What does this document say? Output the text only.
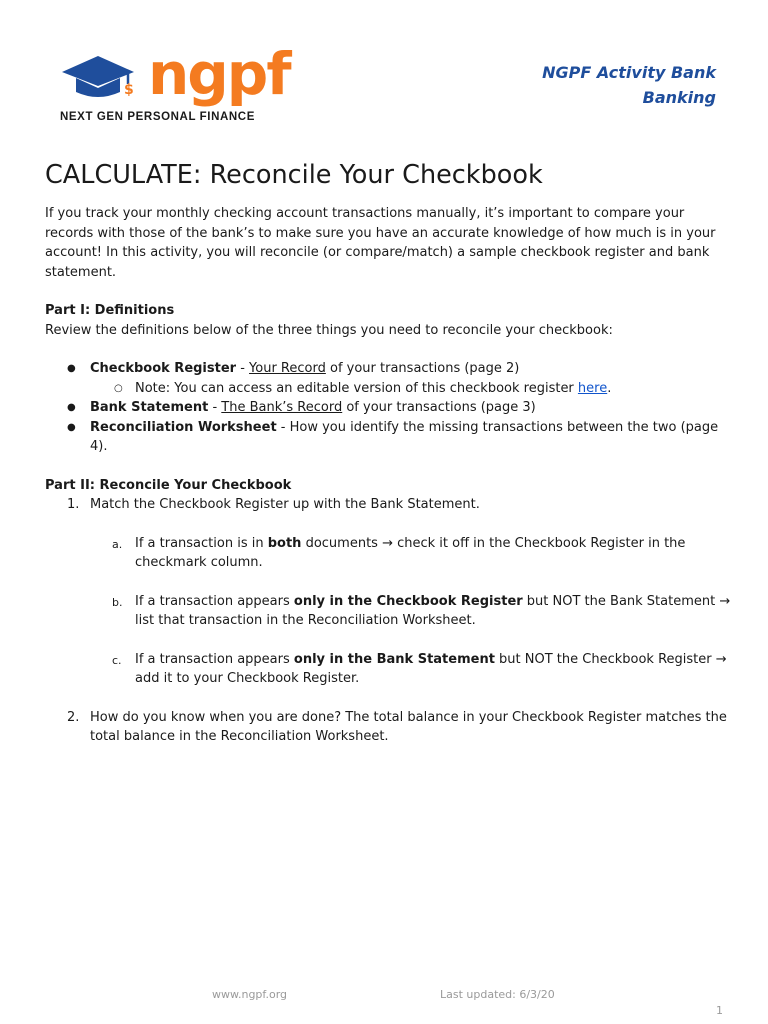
$ ngpf
NEXT GEN PERSONAL FINANCE
NGPF Activity Bank
Banking
CALCULATE: Reconcile Your Checkbook

If you track your monthly checking account transactions manually, it’s important to compare your records with those of the bank’s to make sure you have an accurate knowledge of how much is in your account! In this activity, you will reconcile (or compare/match) a sample checkbook register and bank statement.

Part I: Definitions

Review the definitions below of the three things you need to reconcile your checkbook:

● Checkbook Register - Your Record of your transactions (page 2)
○ Note: You can access an editable version of this checkbook register here.
● Bank Statement - The Bank’s Record of your transactions (page 3)
● Reconciliation Worksheet - How you identify the missing transactions between the two (page 4).

Part II: Reconcile Your Checkbook

1. Match the Checkbook Register up with the Bank Statement.
a. If a transaction is in both documents → check it off in the Checkbook Register in the checkmark column.
b. If a transaction appears only in the Checkbook Register but NOT the Bank Statement → list that transaction in the Reconciliation Worksheet.
c. If a transaction appears only in the Bank Statement but NOT the Checkbook Register → add it to your Checkbook Register.
2. How do you know when you are done? The total balance in your Checkbook Register matches the total balance in the Reconciliation Worksheet.
www.ngpf.org	Last updated: 6/3/20
1
